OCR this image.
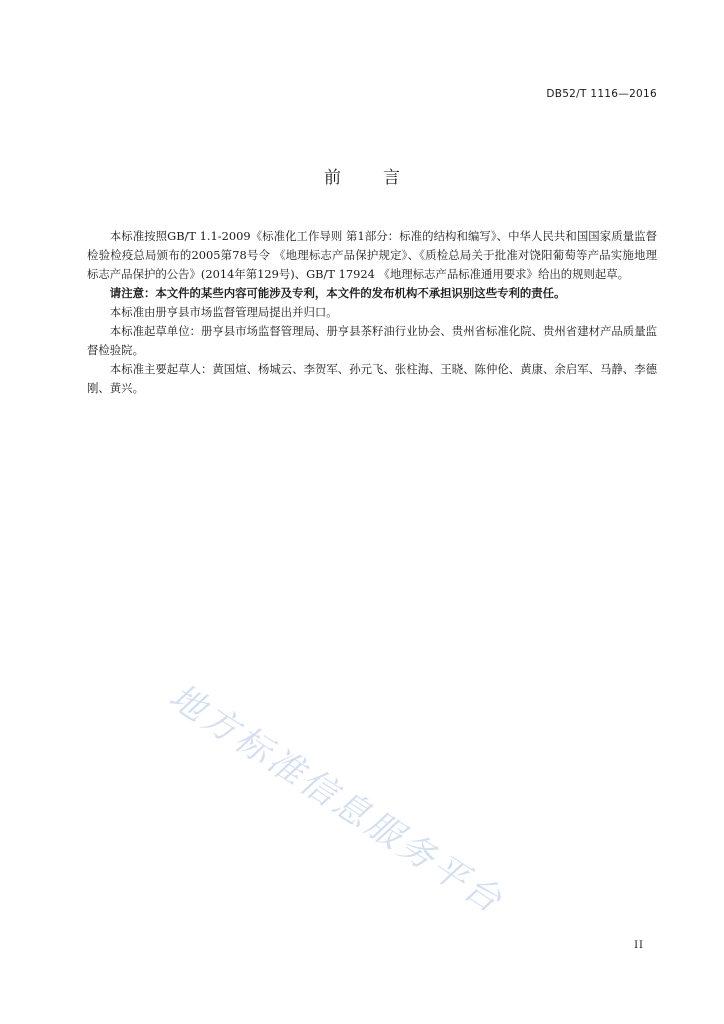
DB52/T 1116—2016
前 言

本标准按照GB/T 1.1-2009《标准化工作导则 第1部分：标准的结构和编写》、中华人民共和国国家质量监督检验检疫总局颁布的2005第78号令 《地理标志产品保护规定》、《质检总局关于批准对饶阳葡萄等产品实施地理标志产品保护的公告》(2014年第129号)、GB/T 17924 《地理标志产品标准通用要求》给出的规则起草。

请注意：本文件的某些内容可能涉及专利，本文件的发布机构不承担识别这些专利的责任。

本标准由册亨县市场监督管理局提出并归口。

本标准起草单位：册亨县市场监督管理局、册亨县茶籽油行业协会、贵州省标准化院、贵州省建材产品质量监督检验院。

本标准主要起草人：黄国煊、杨城云、李贺军、孙元飞、张柱海、王晓、陈仲伦、黄康、余启军、马静、李德刚、黄兴。

地方标准信息服务平台
II
